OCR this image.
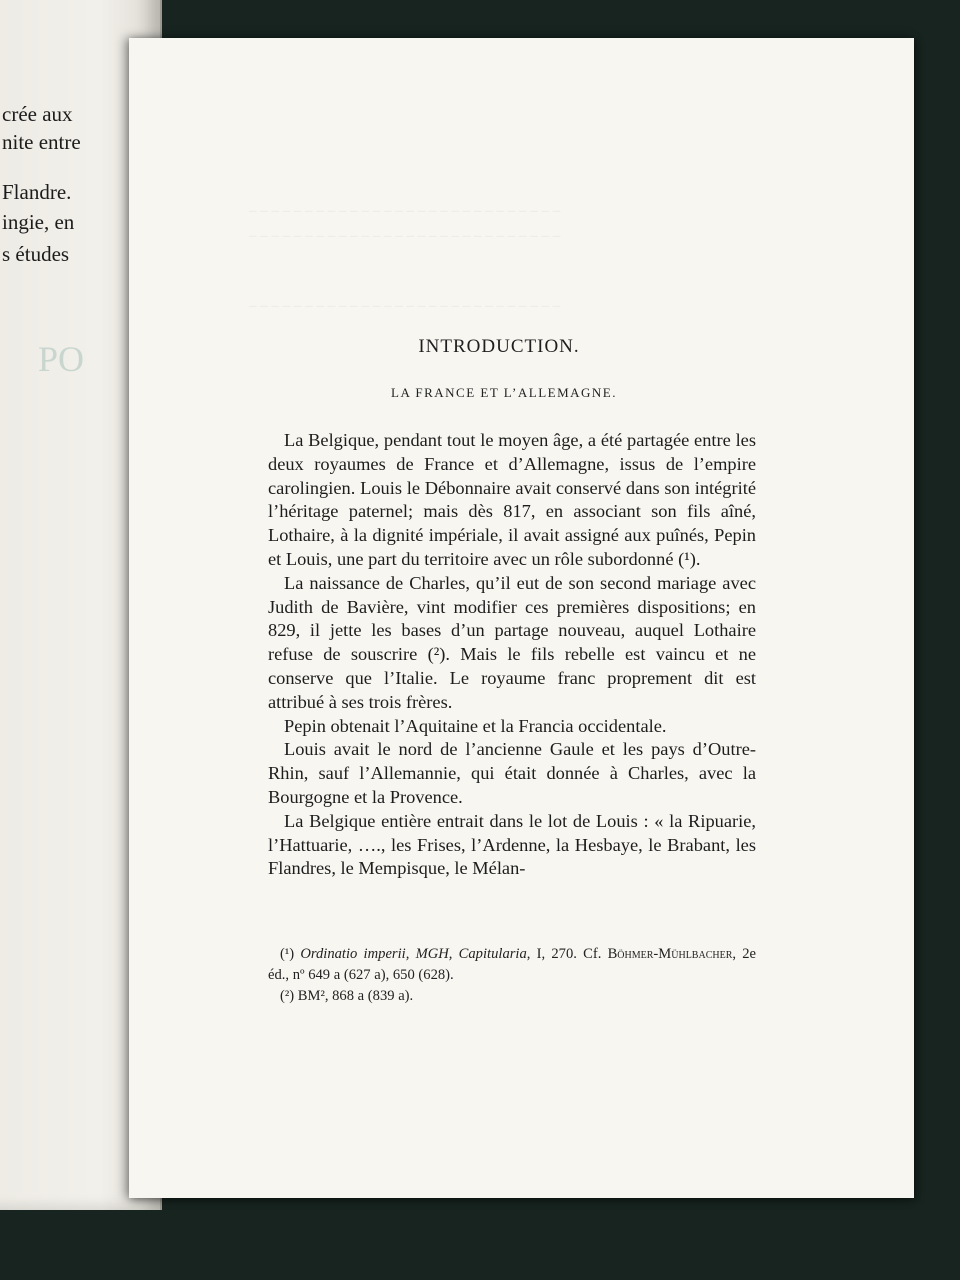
crée aux
nite entre
Flandre.
ingie, en
s études
PO
– – – – – – – – – – – – – – – – – – – – – – – – – – – –
– – – – – – – – – – – – – – – – – – – – – – – – – – – –
– – – – – – – – – – – – – – – – – – – – – – – – – – – –
INTRODUCTION.
LA FRANCE ET L’ALLEMAGNE.

La Belgique, pendant tout le moyen âge, a été partagée entre les deux royaumes de France et d’Allemagne, issus de l’empire carolingien. Louis le Débonnaire avait conservé dans son intégrité l’héritage paternel; mais dès 817, en associant son fils aîné, Lothaire, à la dignité impériale, il avait assigné aux puînés, Pepin et Louis, une part du territoire avec un rôle subordonné (¹).

La naissance de Charles, qu’il eut de son second mariage avec Judith de Bavière, vint modifier ces premières dispositions; en 829, il jette les bases d’un partage nouveau, auquel Lothaire refuse de souscrire (²). Mais le fils rebelle est vaincu et ne conserve que l’Italie. Le royaume franc proprement dit est attribué à ses trois frères.

Pepin obtenait l’Aquitaine et la Francia occidentale.

Louis avait le nord de l’ancienne Gaule et les pays d’Outre-Rhin, sauf l’Allemannie, qui était donnée à Charles, avec la Bourgogne et la Provence.

La Belgique entière entrait dans le lot de Louis : « la Ripuarie, l’Hattuarie, …., les Frises, l’Ardenne, la Hesbaye, le Brabant, les Flandres, le Mempisque, le Mélan-

(¹) Ordinatio imperii, MGH, Capitularia, I, 270. Cf. Böhmer-Mühlbacher, 2e éd., nº 649 a (627 a), 650 (628).

(²) BM², 868 a (839 a).
